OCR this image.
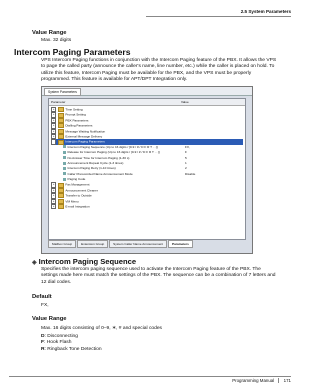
2.5 System Parameters
Value Range
Max. 32 digits
Intercom Paging Parameters
VPS Intercom Paging functions in conjunction with the Intercom Paging feature of the PBX. It allows the VPS to page the called party (announce the caller's name, line number, etc.) while the caller is placed on hold. To utilize this feature, Intercom Paging must be available for the PBX, and the VPS must be properly programmed. This feature is available for APT/DPT Integration only.
System Parameters
Parameter	Value
+	Time Setting
+	Prompt Setting
+	PBX Parameters
+	Dialling Parameters
+	Message Waiting Notification
+	External Message Delivery
−	Intercom Paging Parameters
Intercom Paging Sequence (Up to 16 digits / [0-9 / # / D F R T . . ])	FX,
Release for Intercom Paging (Up to 16 digits / [0-9 / # / D F R T . . ])	F
No Answer Time for Intercom Paging (1-30 s)	5
Announcement Repeat Cycle (1-3 times)	1
Intercom Paging Retry (1-10 times)	2
Caller Prerecorded Name Announcement Mode	Disable
Paging Code
+	Fax Management
+	Announcement Cleaner
+	Transfer to Outside
+	VM Menu
+	E-mail Integration
Mailbox Group	Extension Group	System Caller Name Announcement	Parameters
◈ Intercom Paging Sequence
Specifies the intercom paging sequence used to activate the Intercom Paging feature of the PBX. The settings made here must match the settings of the PBX. The sequence can be a combination of 7 letters and 12 dial codes.
Default
FX,
Value Range
Max. 16 digits consisting of 0–9, ∗, # and special codes
D: Disconnecting
F: Hook Flash
R: Ringback Tone Detection
Programming Manual 171
